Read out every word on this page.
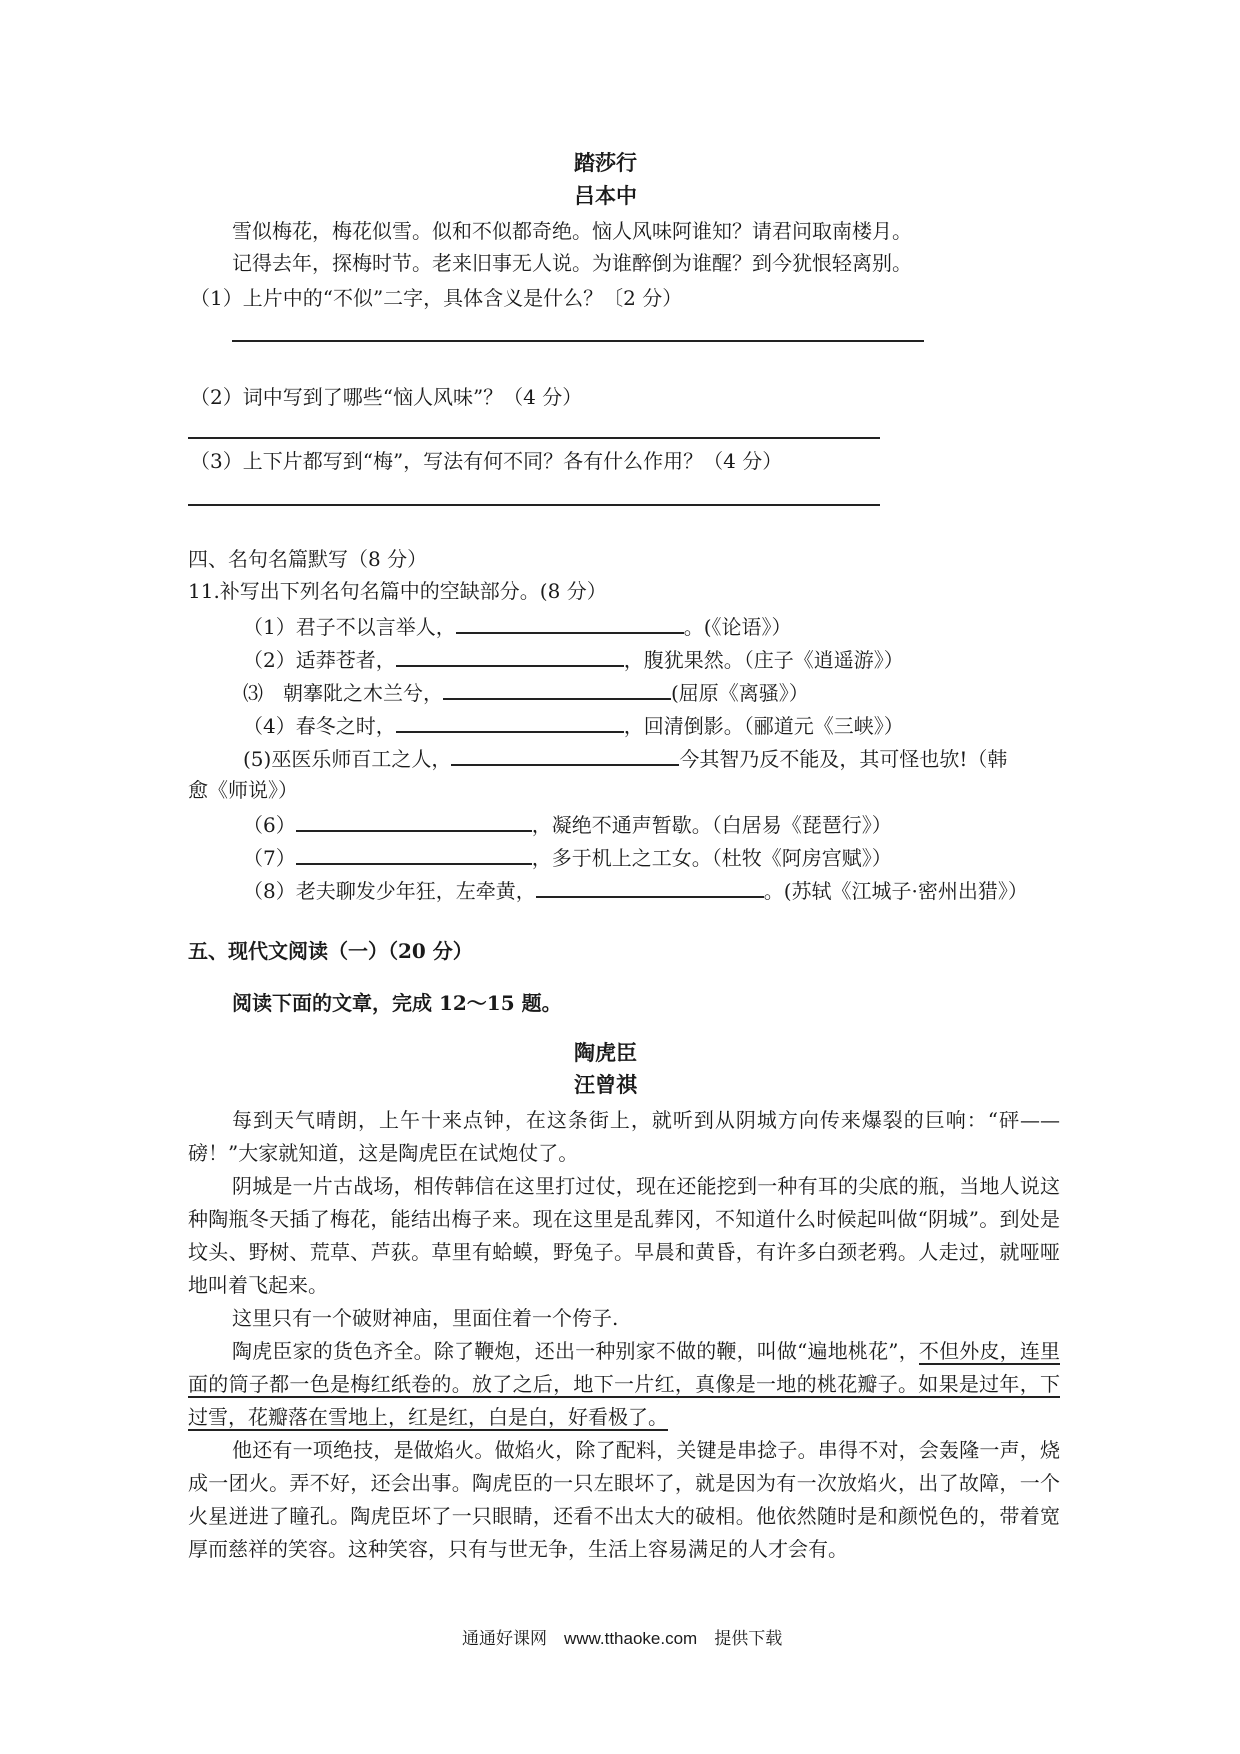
踏莎行
吕本中
雪似梅花，梅花似雪。似和不似都奇绝。恼人风味阿谁知？请君问取南楼月。
记得去年，探梅时节。老来旧事无人说。为谁醉倒为谁醒？到今犹恨轻离别。
（1）上片中的“不似”二字，具体含义是什么？〔2 分）
（2）词中写到了哪些“恼人风味”？（4 分）
（3）上下片都写到“梅”，写法有何不同？各有什么作用？（4 分）
四、名句名篇默写（8 分）
11.补写出下列名句名篇中的空缺部分。(8 分）
（1）君子不以言举人，	。(《论语》）
（2）适莽苍者，	，腹犹果然。（庄子《逍遥游》）
⑶　朝搴阰之木兰兮，	(屈原《离骚》）
（4）春冬之时，	，回清倒影。（郦道元《三峡》）
(5)巫医乐师百工之人，	今其智乃反不能及，其可怪也欤!（韩
愈《师说》）
（6）	，凝绝不通声暂歇。（白居易《琵琶行》）
（7）	，多于机上之工女。（杜牧《阿房宫赋》）
（8）老夫聊发少年狂，左牵黄，	。(苏轼《江城子·密州出猎》）
五、现代文阅读（一）（20 分）
阅读下面的文章，完成 12〜15 题。
陶虎臣
汪曾祺
每到天气晴朗，上午十来点钟，在这条街上，就听到从阴城方向传来爆裂的巨响：“砰——磅！”大家就知道，这是陶虎臣在试炮仗了。
阴城是一片古战场，相传韩信在这里打过仗，现在还能挖到一种有耳的尖底的瓶，当地人说这种陶瓶冬天插了梅花，能结出梅子来。现在这里是乱葬冈，不知道什么时候起叫做“阴城”。到处是坟头、野树、荒草、芦荻。草里有蛤蟆，野兔子。早晨和黄昏，有许多白颈老鸦。人走过，就哑哑地叫着飞起来。
这里只有一个破财神庙，里面住着一个侉子.
陶虎臣家的货色齐全。除了鞭炮，还出一种别家不做的鞭，叫做“遍地桃花”，不但外皮，连里面的筒子都一色是梅红纸卷的。放了之后，地下一片红，真像是一地的桃花瓣子。如果是过年，下过雪，花瓣落在雪地上，红是红，白是白，好看极了。
他还有一项绝技，是做焰火。做焰火，除了配料，关键是串捻子。串得不对，会轰隆一声，烧成一团火。弄不好，还会出事。陶虎臣的一只左眼坏了，就是因为有一次放焰火，出了故障，一个火星迸进了瞳孔。陶虎臣坏了一只眼睛，还看不出太大的破相。他依然随时是和颜悦色的，带着宽厚而慈祥的笑容。这种笑容，只有与世无争，生活上容易满足的人才会有。
通通好课网　www.tthaoke.com　提供下载
